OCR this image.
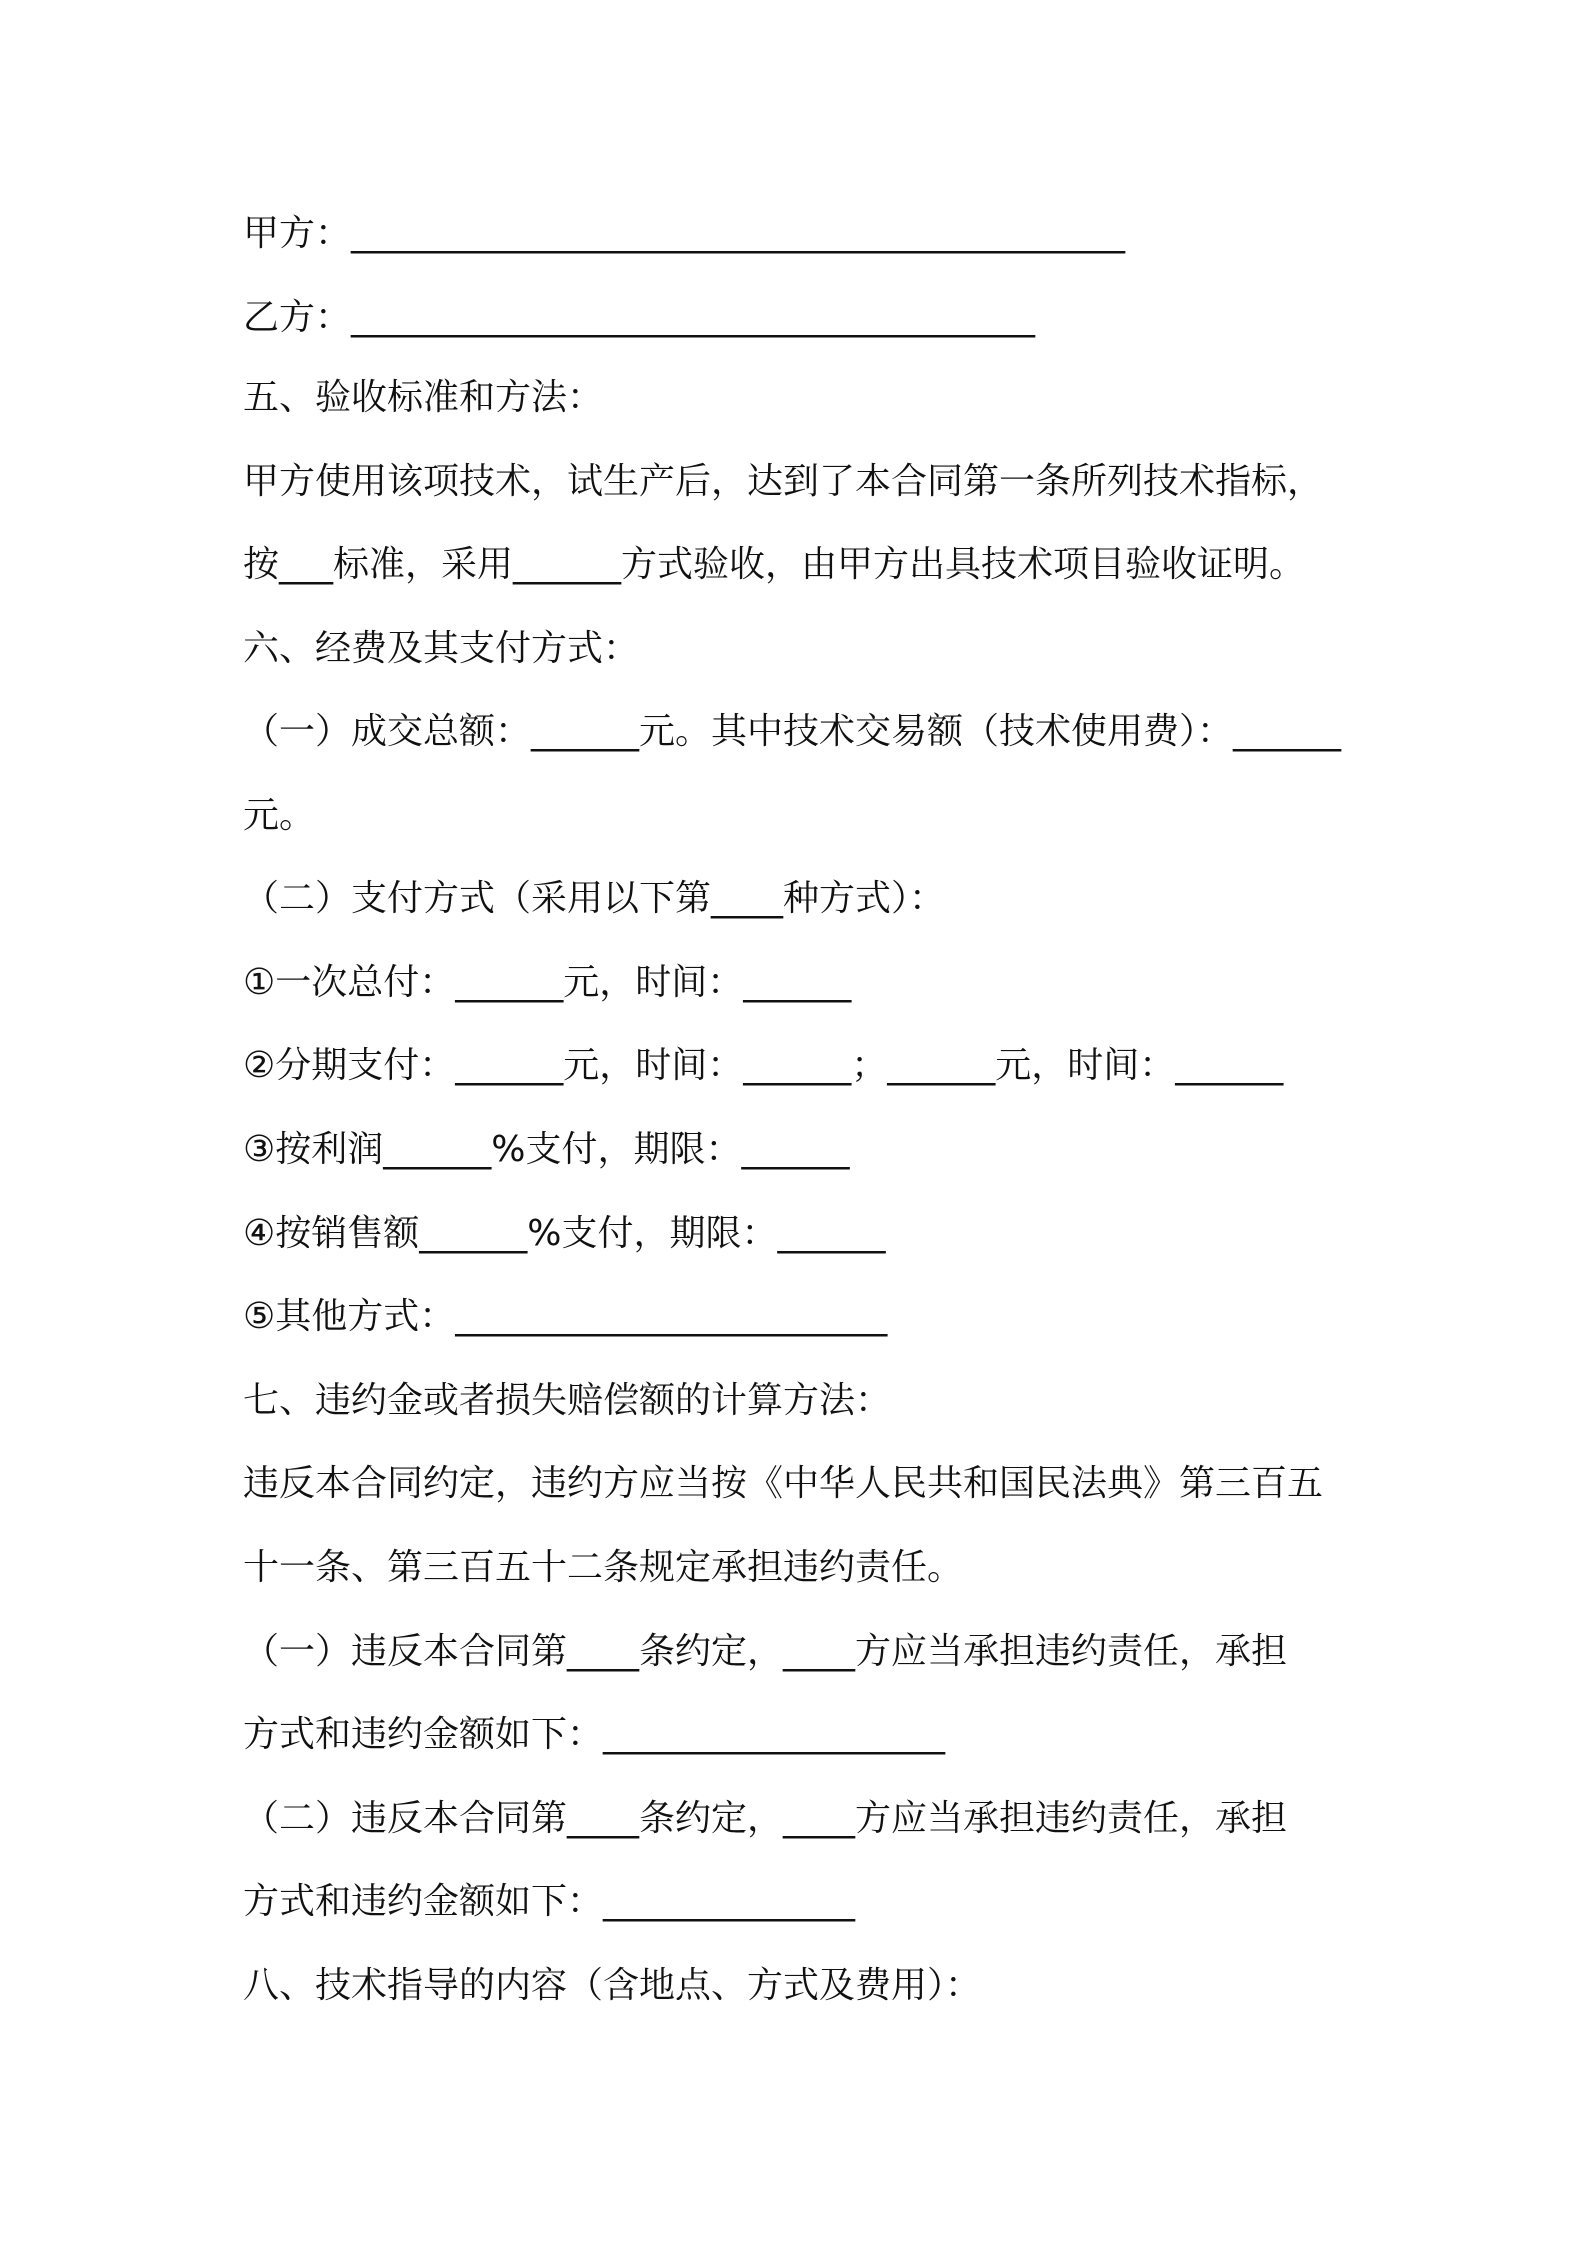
甲方：___________________________________________
乙方：______________________________________
五、验收标准和方法：
甲方使用该项技术，试生产后，达到了本合同第一条所列技术指标，
按___标准，采用______方式验收，由甲方出具技术项目验收证明。
六、经费及其支付方式：
（一）成交总额：______元。其中技术交易额（技术使用费）：______
元。
（二）支付方式（采用以下第____种方式）：
①一次总付：______元，时间：______
②分期支付：______元，时间：______；______元，时间：______
③按利润______%支付，期限：______
④按销售额______%支付，期限：______
⑤其他方式：________________________
七、违约金或者损失赔偿额的计算方法：
违反本合同约定，违约方应当按《中华人民共和国民法典》第三百五
十一条、第三百五十二条规定承担违约责任。
（一）违反本合同第____条约定，____方应当承担违约责任，承担
方式和违约金额如下：___________________
（二）违反本合同第____条约定，____方应当承担违约责任，承担
方式和违约金额如下：______________
八、技术指导的内容（含地点、方式及费用）：
